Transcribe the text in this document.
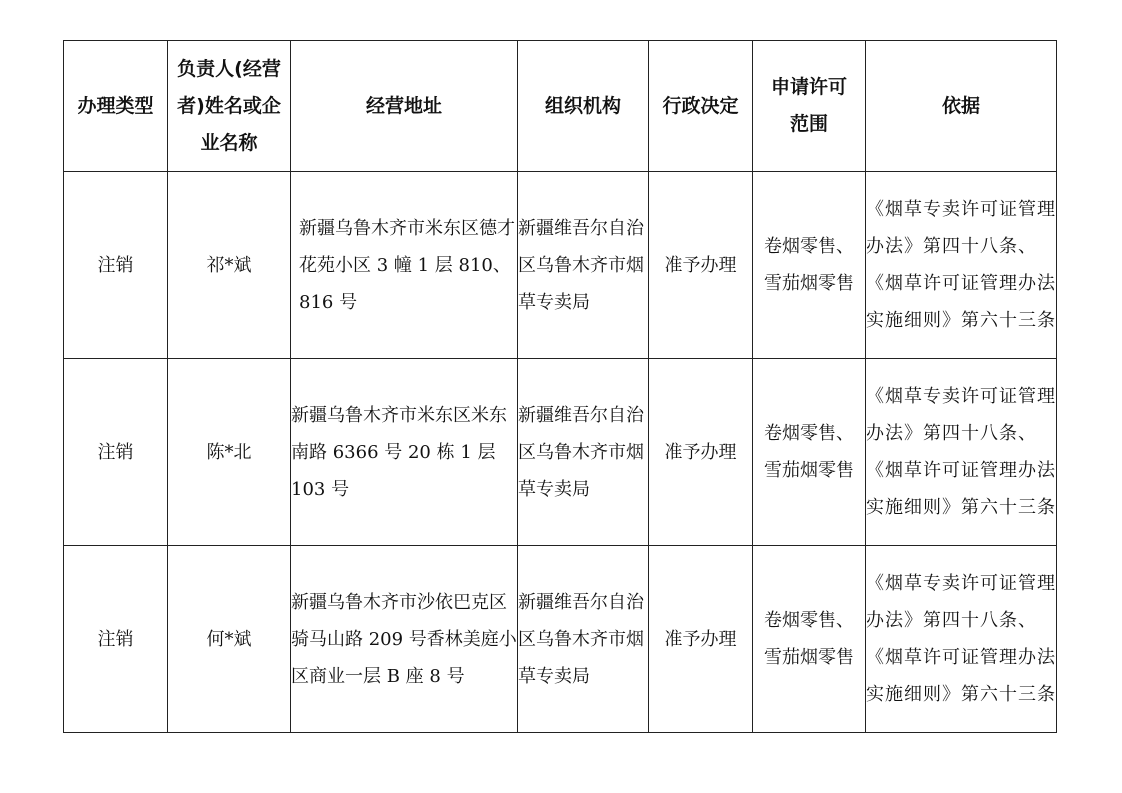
办理类型	负责人(经营者)姓名或企业名称	经营地址	组织机构	行政决定	申请许可范围	依据
注销	祁*斌	新疆乌鲁木齐市米东区德才花苑小区 3 幢 1 层 810、816 号	新疆维吾尔自治区乌鲁木齐市烟草专卖局	准予办理	卷烟零售、雪茄烟零售	《烟草专卖许可证管理办法》第四十八条、《烟草许可证管理办法实施细则》第六十三条
注销	陈*北	新疆乌鲁木齐市米东区米东南路 6366 号 20 栋 1 层 103 号	新疆维吾尔自治区乌鲁木齐市烟草专卖局	准予办理	卷烟零售、雪茄烟零售	《烟草专卖许可证管理办法》第四十八条、《烟草许可证管理办法实施细则》第六十三条
注销	何*斌	新疆乌鲁木齐市沙依巴克区骑马山路 209 号香林美庭小区商业一层 B 座 8 号	新疆维吾尔自治区乌鲁木齐市烟草专卖局	准予办理	卷烟零售、雪茄烟零售	《烟草专卖许可证管理办法》第四十八条、《烟草许可证管理办法实施细则》第六十三条
